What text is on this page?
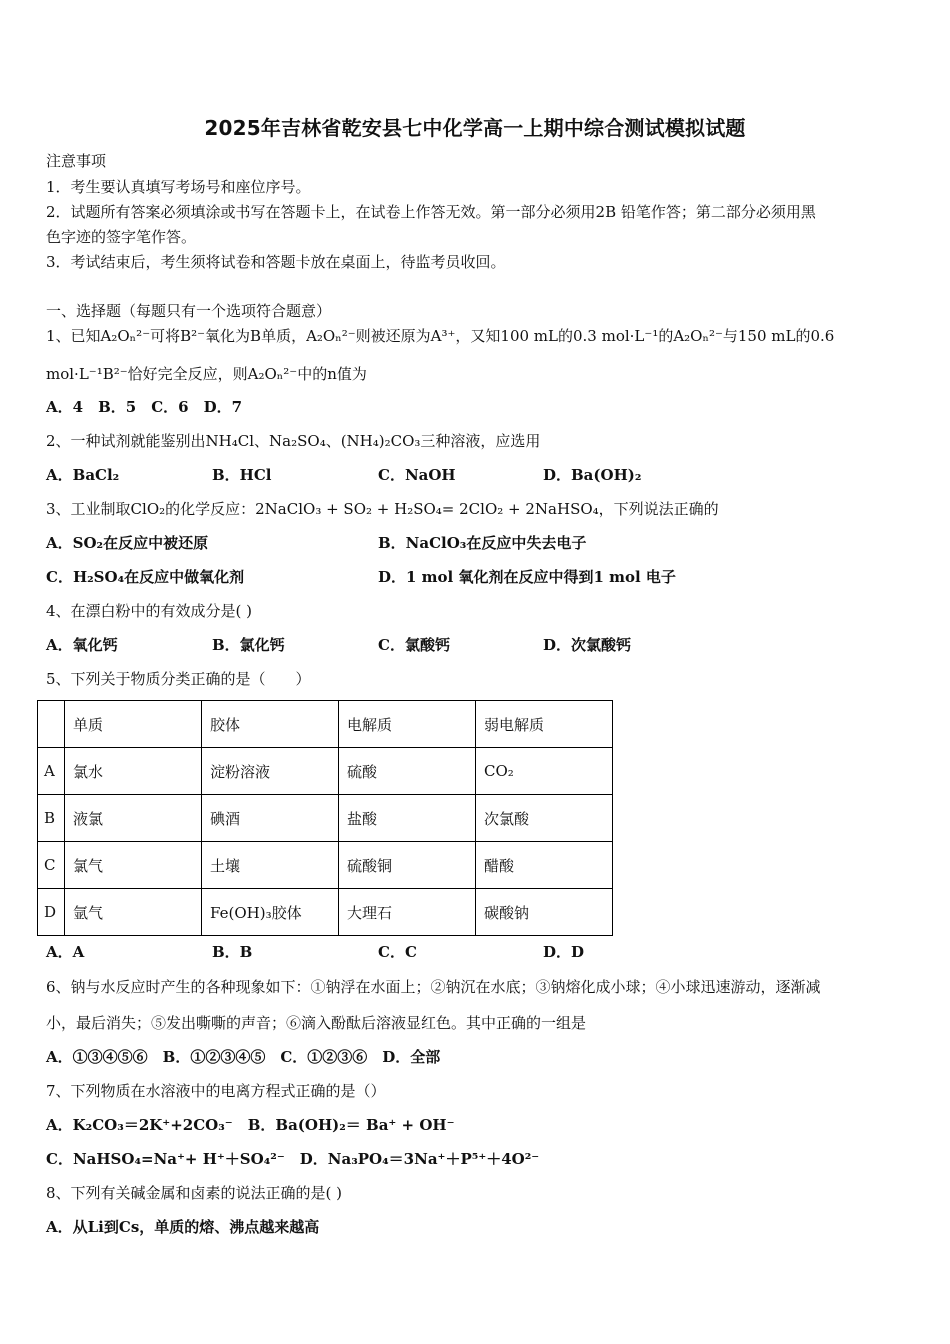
2025年吉林省乾安县七中化学高一上期中综合测试模拟试题
注意事项
1．考生要认真填写考场号和座位序号。
2．试题所有答案必须填涂或书写在答题卡上，在试卷上作答无效。第一部分必须用2B 铅笔作答；第二部分必须用黑
色字迹的签字笔作答。
3．考试结束后，考生须将试卷和答题卡放在桌面上，待监考员收回。
一、选择题（每题只有一个选项符合题意）
1、已知A₂Oₙ²⁻可将B²⁻氧化为B单质，A₂Oₙ²⁻则被还原为A³⁺，又知100 mL的0.3 mol·L⁻¹的A₂Oₙ²⁻与150 mL的0.6
mol·L⁻¹B²⁻恰好完全反应，则A₂Oₙ²⁻中的n值为
A．4　B．5　C．6　D．7
2、一种试剂就能鉴别出NH₄Cl、Na₂SO₄、(NH₄)₂CO₃三种溶液，应选用
A．BaCl₂	B．HCl	C．NaOH	D．Ba(OH)₂
3、工业制取ClO₂的化学反应：2NaClO₃ + SO₂ + H₂SO₄= 2ClO₂ + 2NaHSO₄，下列说法正确的
A．SO₂在反应中被还原	B．NaClO₃在反应中失去电子
C．H₂SO₄在反应中做氧化剂	D．1 mol 氧化剂在反应中得到1 mol 电子
4、在漂白粉中的有效成分是( )
A．氧化钙	B．氯化钙	C．氯酸钙	D．次氯酸钙
5、下列关于物质分类正确的是（　　）
	单质	胶体	电解质	弱电解质
A	氯水	淀粉溶液	硫酸	CO₂
B	液氯	碘酒	盐酸	次氯酸
C	氯气	土壤	硫酸铜	醋酸
D	氩气	Fe(OH)₃胶体	大理石	碳酸钠
A．A	B．B	C．C	D．D
6、钠与水反应时产生的各种现象如下：①钠浮在水面上；②钠沉在水底；③钠熔化成小球；④小球迅速游动，逐渐减
小，最后消失；⑤发出嘶嘶的声音；⑥滴入酚酞后溶液显红色。其中正确的一组是
A．①③④⑤⑥　B．①②③④⑤　C．①②③⑥　D．全部
7、下列物质在水溶液中的电离方程式正确的是（）
A．K₂CO₃＝2K⁺+2CO₃⁻　B．Ba(OH)₂＝ Ba⁺ + OH⁻
C．NaHSO₄=Na⁺+ H⁺＋SO₄²⁻　D．Na₃PO₄＝3Na⁺＋P⁵⁺＋4O²⁻
8、下列有关碱金属和卤素的说法正确的是( )
A．从Li到Cs，单质的熔、沸点越来越高
